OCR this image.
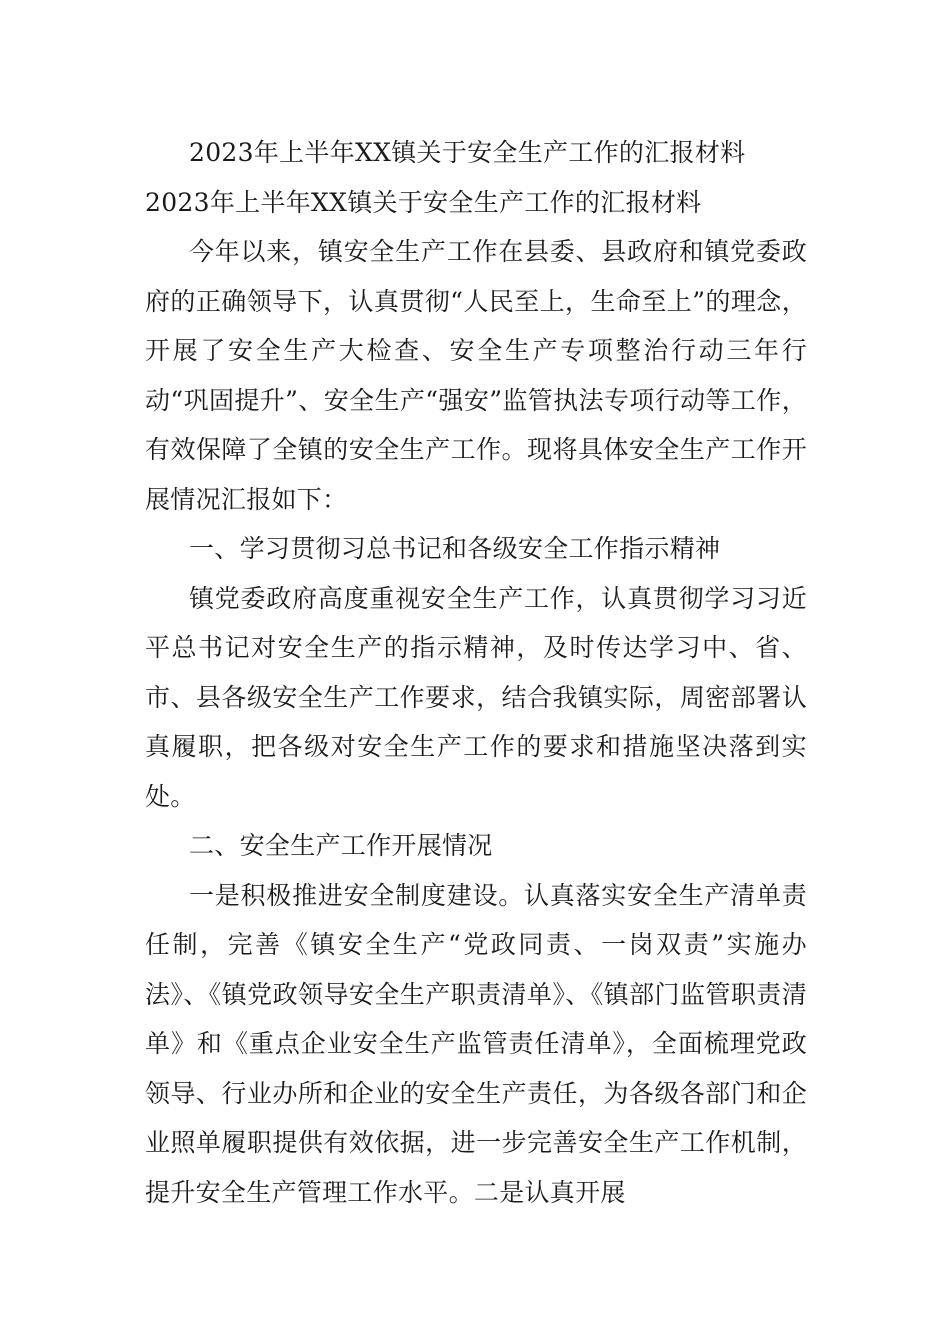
2023年上半年XX镇关于安全生产工作的汇报材料

2023年上半年XX镇关于安全生产工作的汇报材料

今年以来，镇安全生产工作在县委、县政府和镇党委政府的正确领导下，认真贯彻“人民至上，生命至上”的理念，开展了安全生产大检查、安全生产专项整治行动三年行动“巩固提升”、安全生产“强安”监管执法专项行动等工作，有效保障了全镇的安全生产工作。现将具体安全生产工作开展情况汇报如下：

一、学习贯彻习总书记和各级安全工作指示精神

镇党委政府高度重视安全生产工作，认真贯彻学习习近平总书记对安全生产的指示精神，及时传达学习中、省、市、县各级安全生产工作要求，结合我镇实际，周密部署认真履职，把各级对安全生产工作的要求和措施坚决落到实处。

二、安全生产工作开展情况

一是积极推进安全制度建设。认真落实安全生产清单责任制，完善《镇安全生产“党政同责、一岗双责”实施办法》、《镇党政领导安全生产职责清单》、《镇部门监管职责清单》和《重点企业安全生产监管责任清单》，全面梳理党政领导、行业办所和企业的安全生产责任，为各级各部门和企业照单履职提供有效依据，进一步完善安全生产工作机制，提升安全生产管理工作水平。二是认真开展
